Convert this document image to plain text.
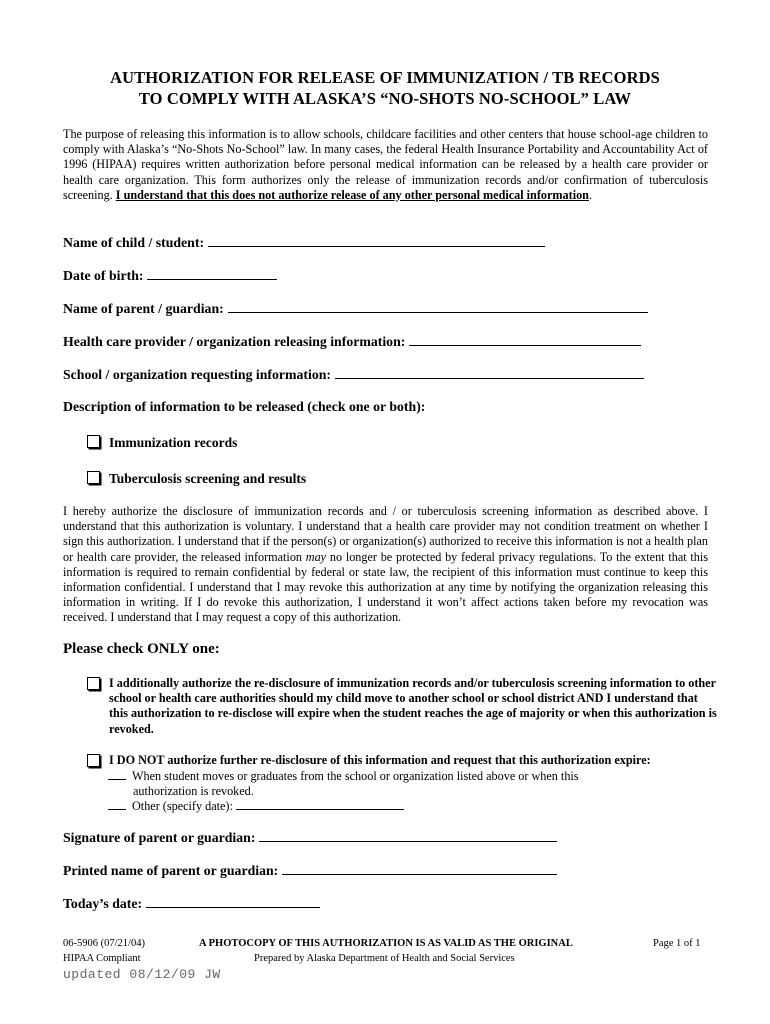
AUTHORIZATION FOR RELEASE OF IMMUNIZATION / TB RECORDS
TO COMPLY WITH ALASKA’S “NO-SHOTS NO-SCHOOL” LAW
The purpose of releasing this information is to allow schools, childcare facilities and other centers that house school-age children to comply with Alaska’s “No-Shots No-School” law. In many cases, the federal Health Insurance Portability and Accountability Act of 1996 (HIPAA) requires written authorization before personal medical information can be released by a health care provider or health care organization. This form authorizes only the release of immunization records and/or confirmation of tuberculosis screening. I understand that this does not authorize release of any other personal medical information.
Name of child / student:
Date of birth:
Name of parent / guardian:
Health care provider / organization releasing information:
School / organization requesting information:
Description of information to be released (check one or both):
Immunization records
Tuberculosis screening and results
I hereby authorize the disclosure of immunization records and / or tuberculosis screening information as described above. I understand that this authorization is voluntary. I understand that a health care provider may not condition treatment on whether I sign this authorization. I understand that if the person(s) or organization(s) authorized to receive this information is not a health plan or health care provider, the released information may no longer be protected by federal privacy regulations. To the extent that this information is required to remain confidential by federal or state law, the recipient of this information must continue to keep this information confidential. I understand that I may revoke this authorization at any time by notifying the organization releasing this information in writing. If I do revoke this authorization, I understand it won’t affect actions taken before my revocation was received. I understand that I may request a copy of this authorization.
Please check ONLY one:
I additionally authorize the re-disclosure of immunization records and/or tuberculosis screening information to other school or health care authorities should my child move to another school or school district AND I understand that this authorization to re-disclose will expire when the student reaches the age of majority or when this authorization is revoked.
I DO NOT authorize further re-disclosure of this information and request that this authorization expire:
When student moves or graduates from the school or organization listed above or when this
authorization is revoked.
Other (specify date):
Signature of parent or guardian:
Printed name of parent or guardian:
Today’s date:
06-5906 (07/21/04)
HIPAA Compliant
A PHOTOCOPY OF THIS AUTHORIZATION IS AS VALID AS THE ORIGINAL
Prepared by Alaska Department of Health and Social Services
Page 1 of 1
updated 08/12/09 JW
